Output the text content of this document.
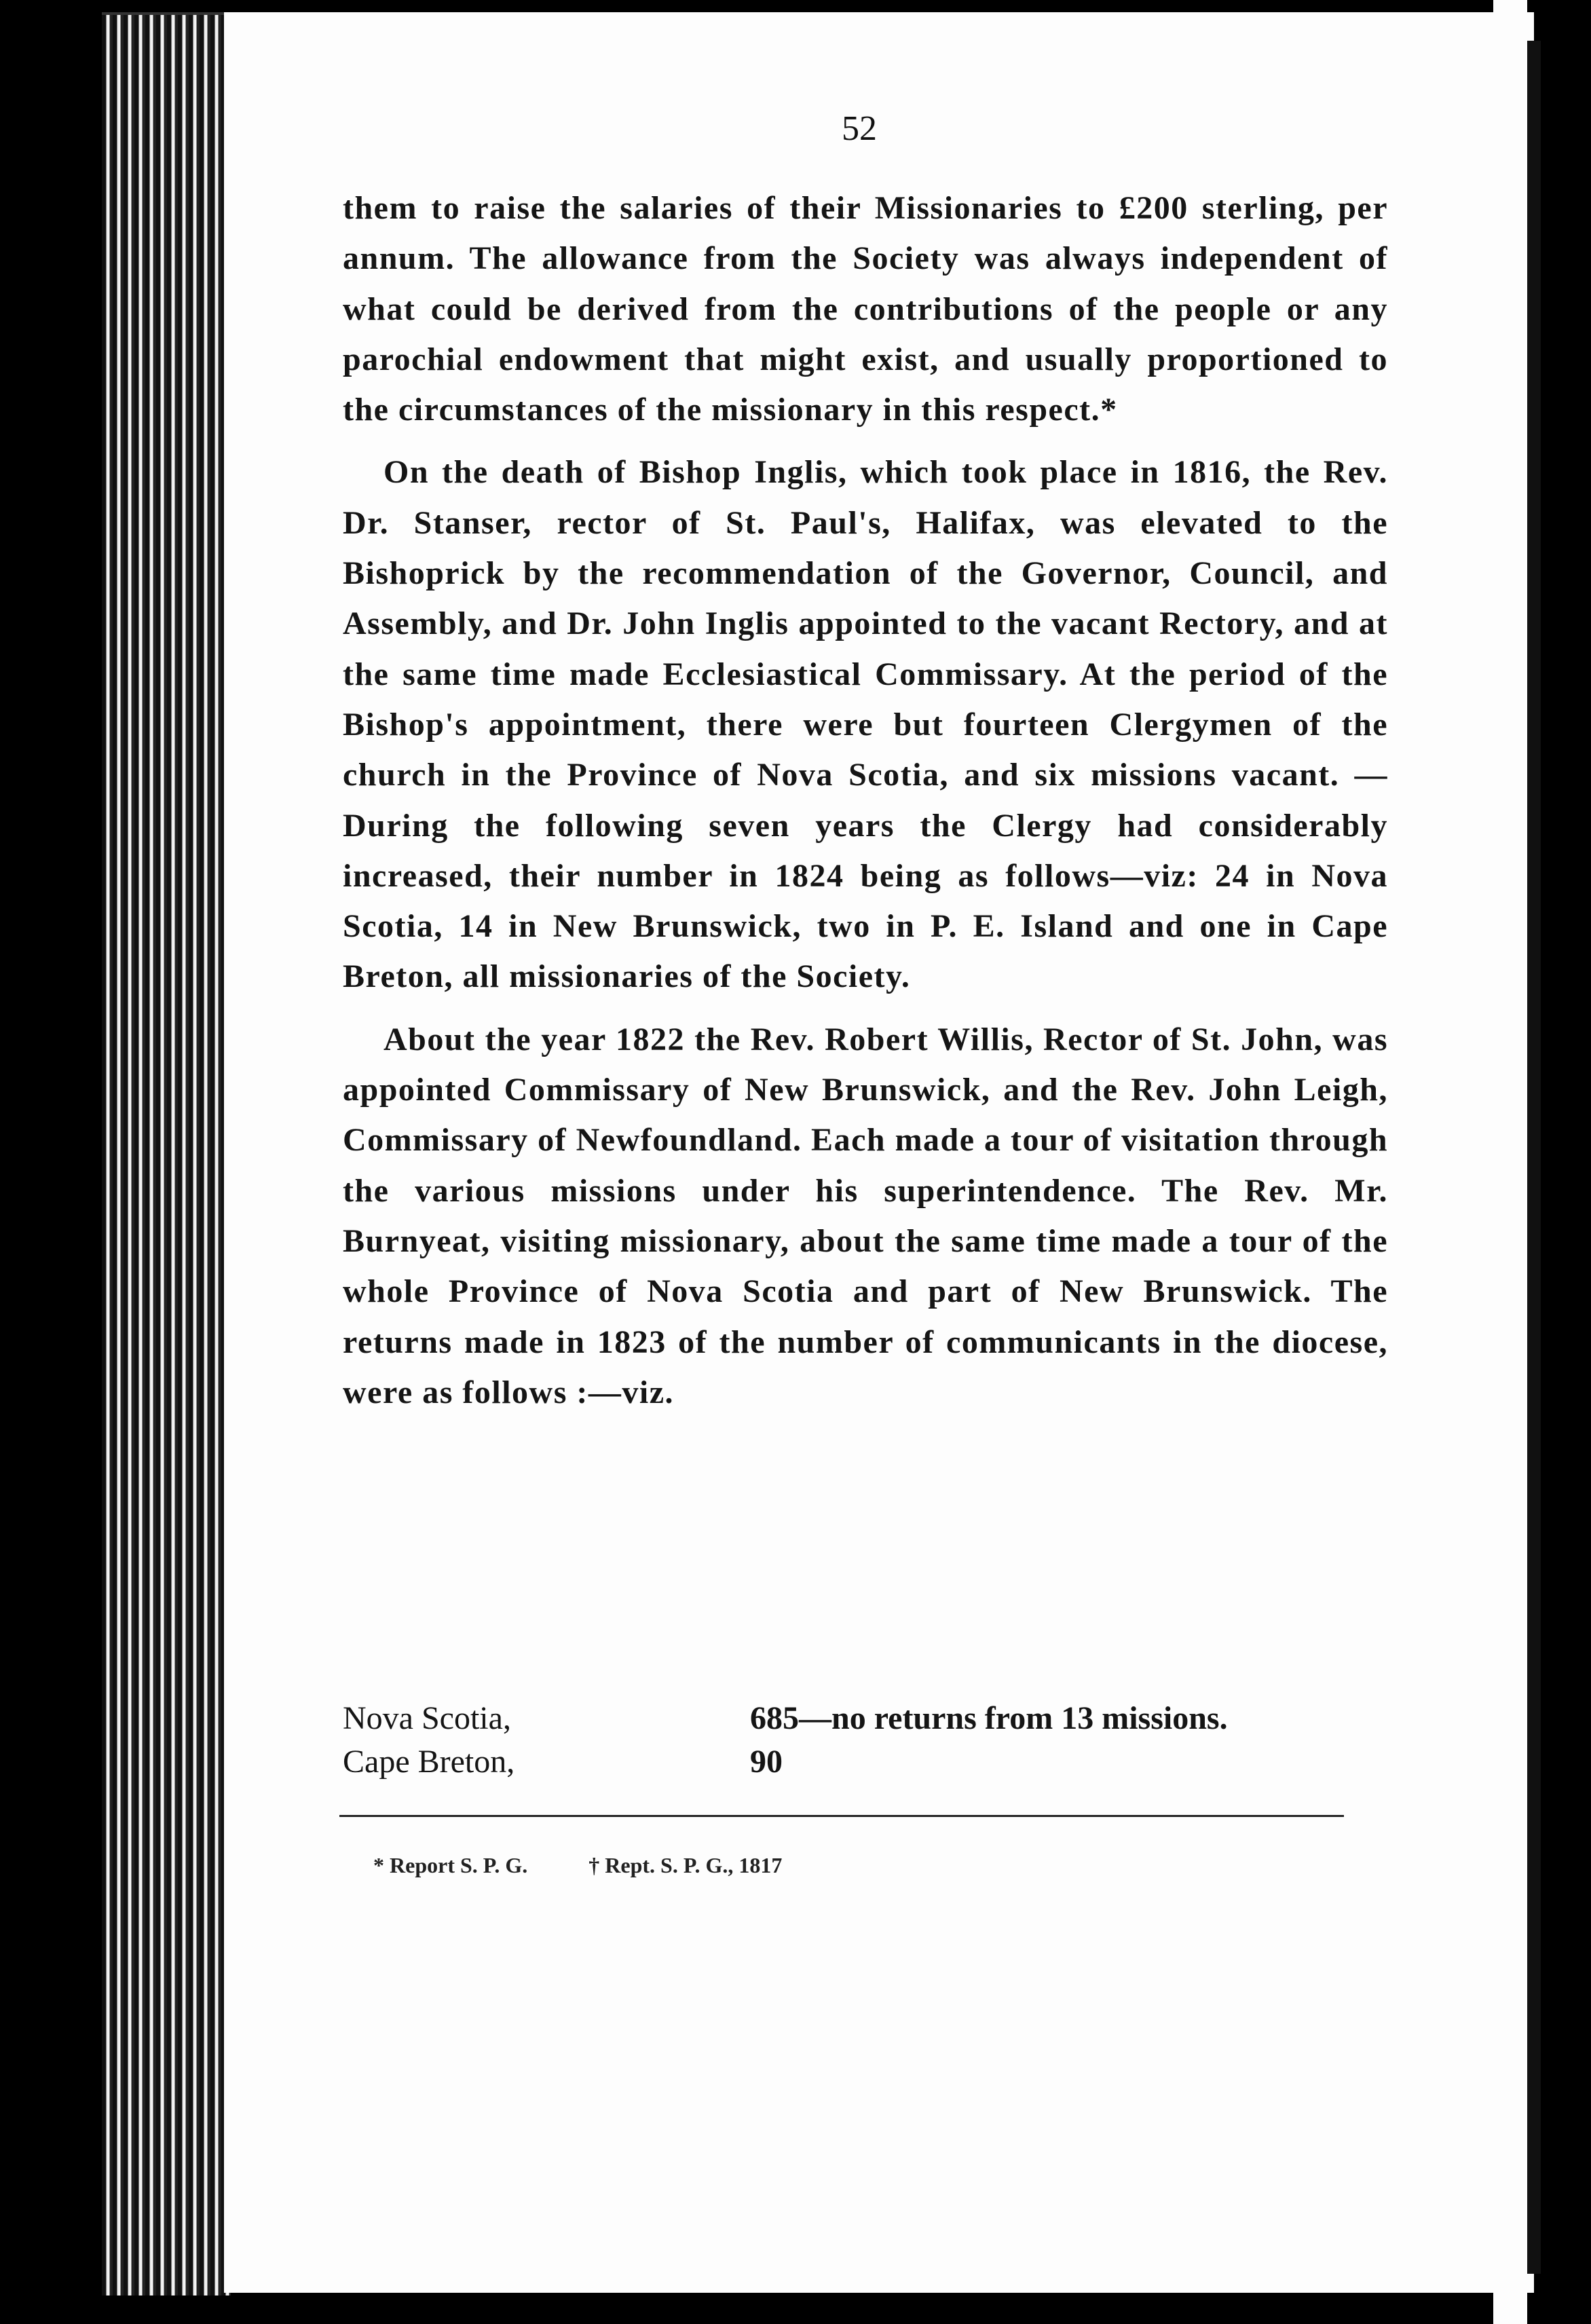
52

them to raise the salaries of their Missionaries to £200 sterling, per annum. The allowance from the Society was always independent of what could be derived from the contributions of the people or any parochial endowment that might exist, and usually proportioned to the circumstances of the missionary in this respect.*

On the death of Bishop Inglis, which took place in 1816, the Rev. Dr. Stanser, rector of St. Paul's, Halifax, was elevated to the Bishoprick by the recommendation of the Governor, Council, and Assembly, and Dr. John Inglis appointed to the vacant Rectory, and at the same time made Ecclesiastical Commissary. At the period of the Bishop's appointment, there were but fourteen Clergymen of the church in the Province of Nova Scotia, and six missions vacant. —During the following seven years the Clergy had considerably increased, their number in 1824 being as follows—viz: 24 in Nova Scotia, 14 in New Brunswick, two in P. E. Island and one in Cape Breton, all missionaries of the Society.

About the year 1822 the Rev. Robert Willis, Rector of St. John, was appointed Commissary of New Brunswick, and the Rev. John Leigh, Commissary of Newfoundland. Each made a tour of visitation through the various missions under his superintendence. The Rev. Mr. Burnyeat, visiting missionary, about the same time made a tour of the whole Province of Nova Scotia and part of New Brunswick. The returns made in 1823 of the number of communicants in the diocese, were as follows :—viz.

Nova Scotia,	685—no returns from 13 missions.
Cape Breton,	90
* Report S. P. G.	† Rept. S. P. G., 1817
